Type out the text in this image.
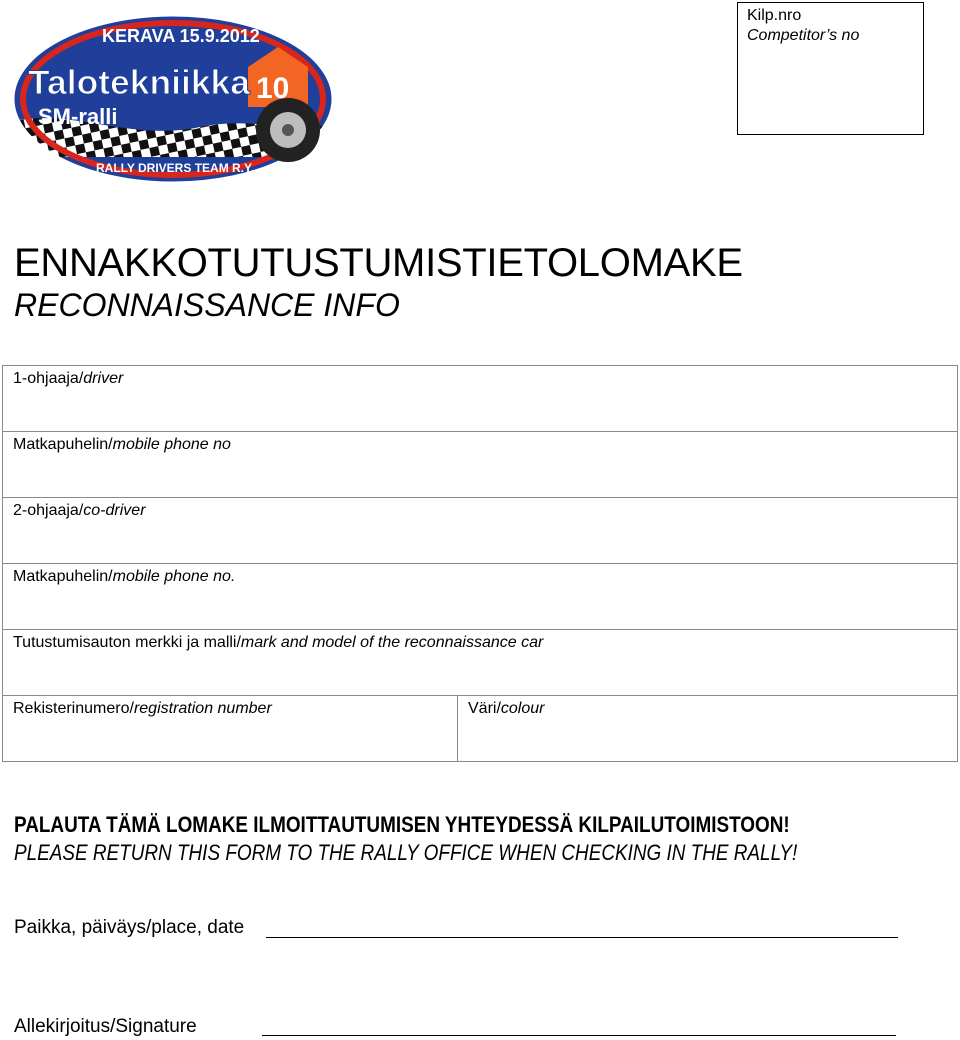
KERAVA 15.9.2012
10
Talotekniikka
SM-ralli
RALLY DRIVERS TEAM R.Y.
Kilp.nro
Competitor’s no
ENNAKKOTUTUSTUMISTIETOLOMAKE
RECONNAISSANCE INFO
1-ohjaaja/driver
Matkapuhelin/mobile phone no
2-ohjaaja/co-driver
Matkapuhelin/mobile phone no.
Tutustumisauton merkki ja malli/mark and model of the reconnaissance car
Rekisterinumero/registration number	Väri/colour
PALAUTA TÄMÄ LOMAKE ILMOITTAUTUMISEN YHTEYDESSÄ KILPAILUTOIMISTOON!
PLEASE RETURN THIS FORM TO THE RALLY OFFICE WHEN CHECKING IN THE RALLY!
Paikka, päiväys/place, date
Allekirjoitus/Signature
